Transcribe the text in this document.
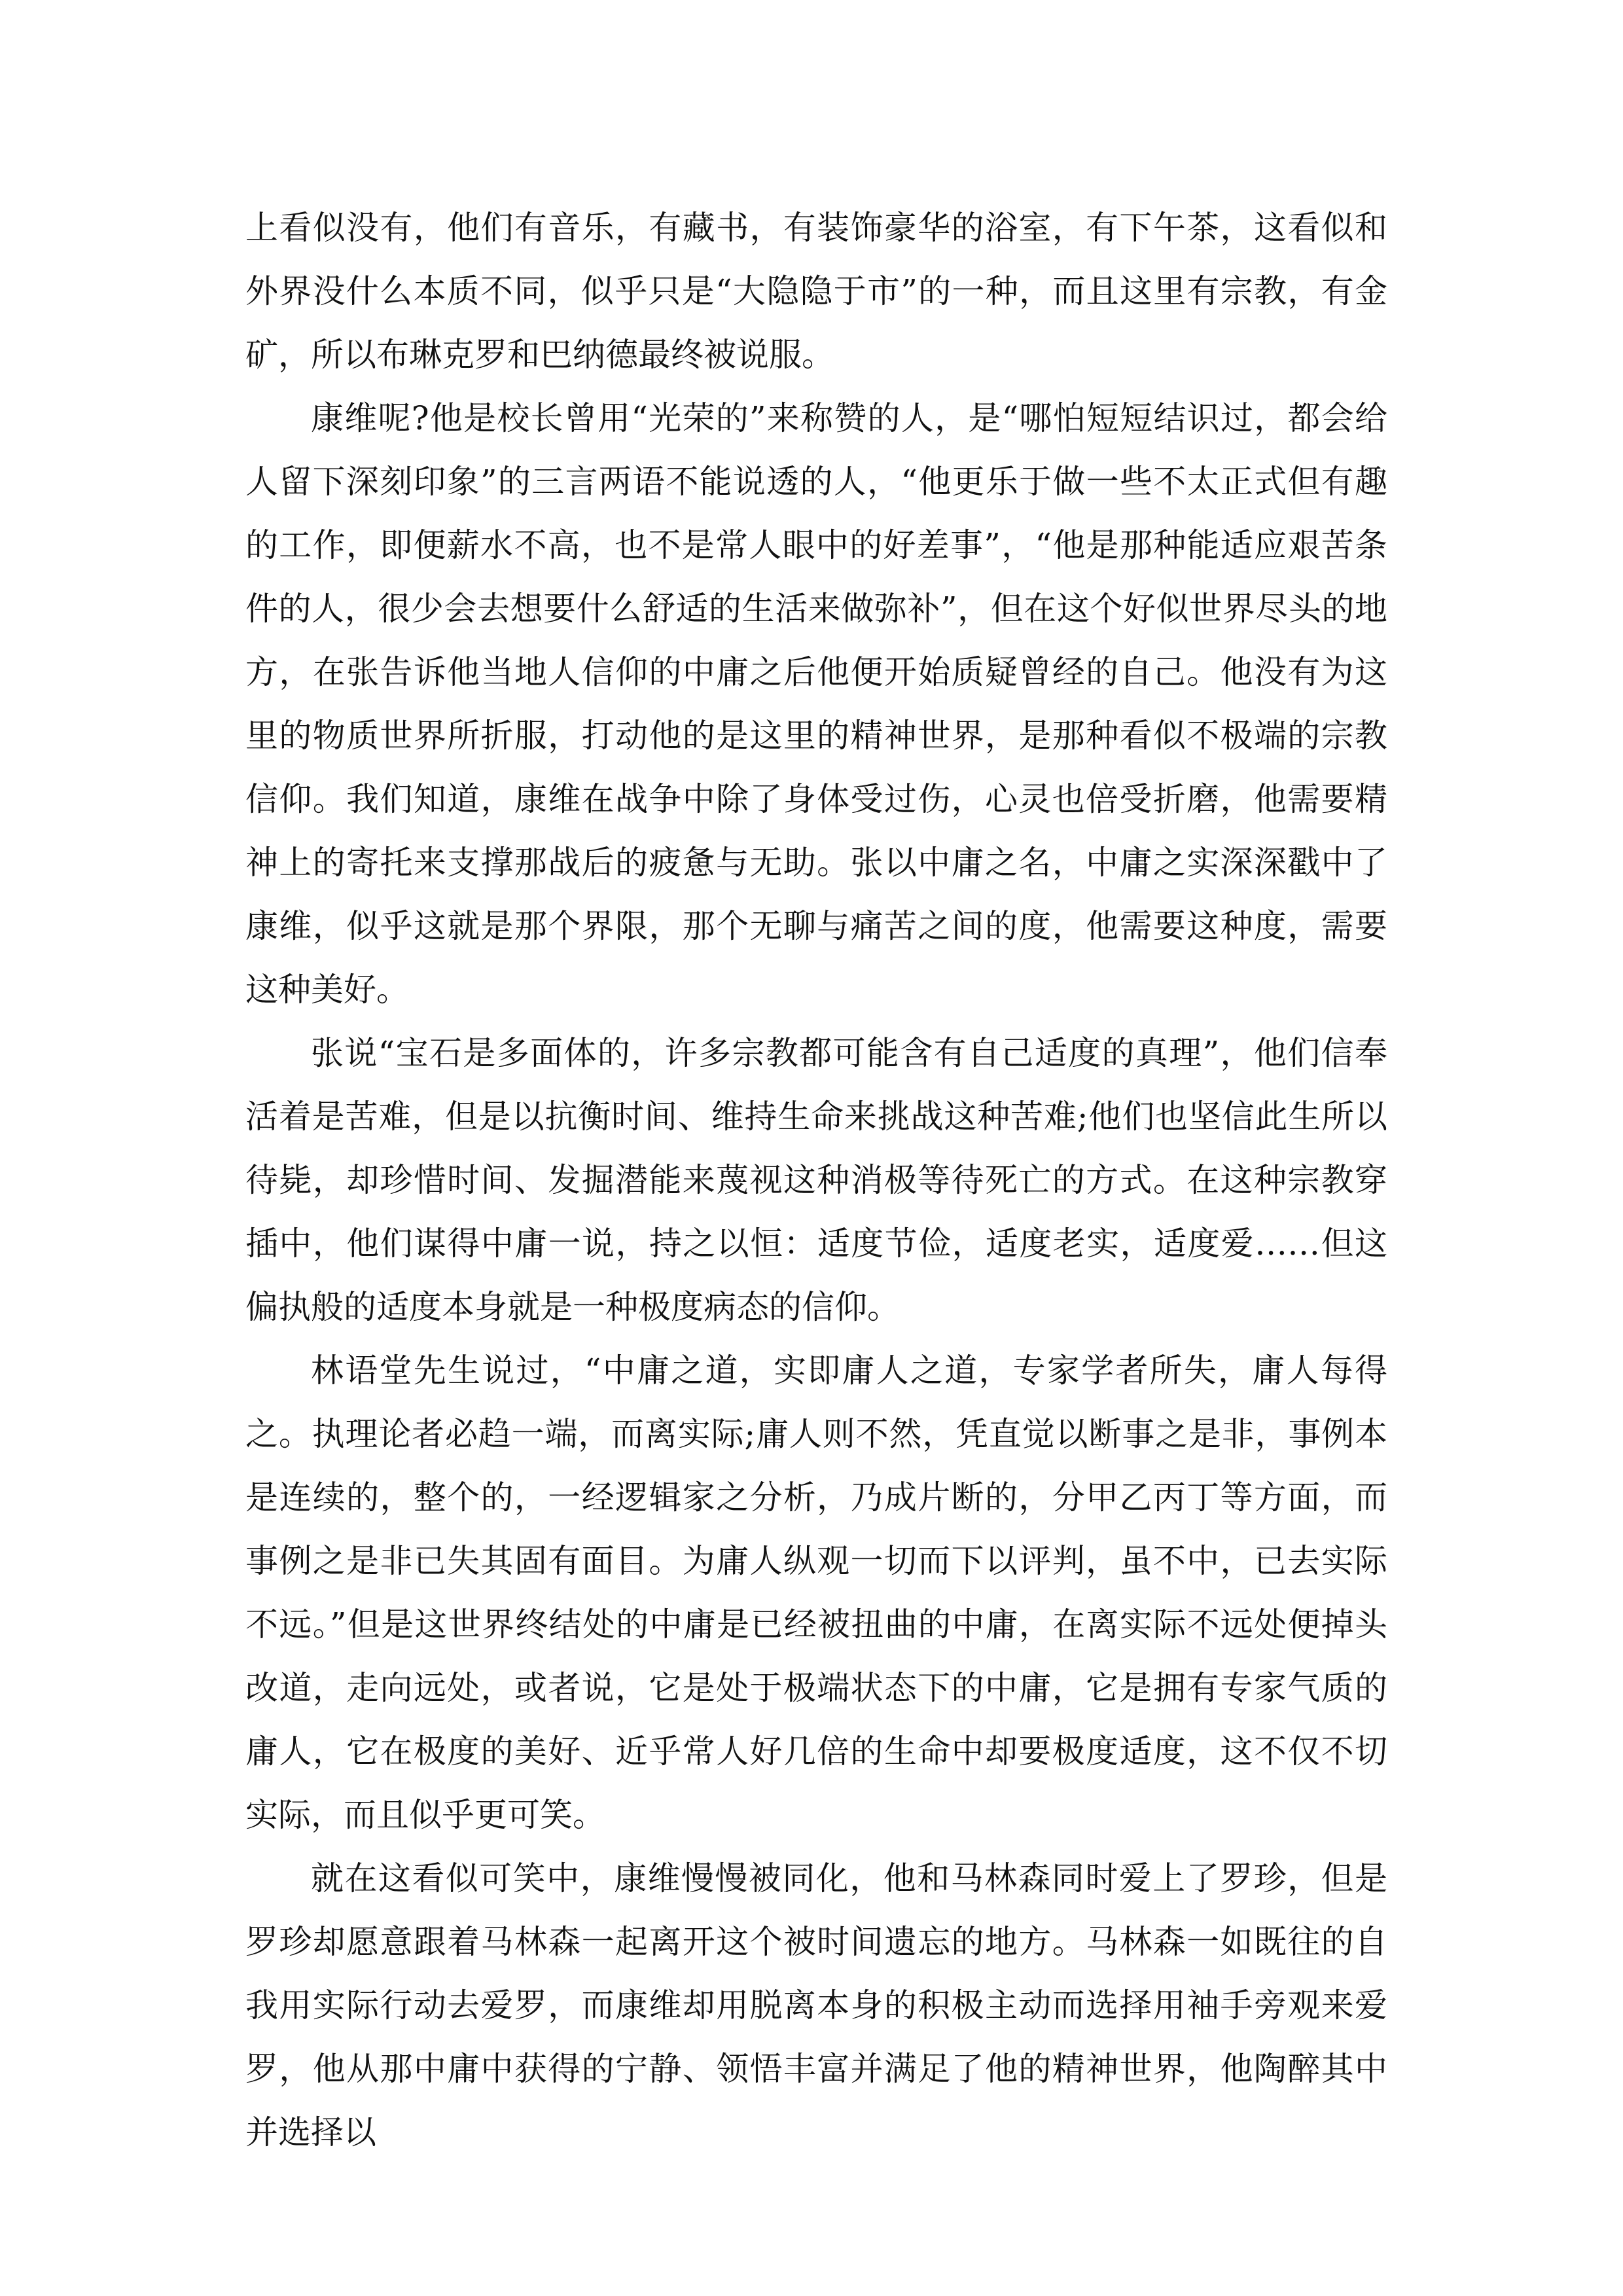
上看似没有，他们有音乐，有藏书，有装饰豪华的浴室，有下午茶，这看似和外界没什么本质不同，似乎只是“大隐隐于市”的一种，而且这里有宗教，有金矿，所以布琳克罗和巴纳德最终被说服。

康维呢?他是校长曾用“光荣的”来称赞的人，是“哪怕短短结识过，都会给人留下深刻印象”的三言两语不能说透的人，“他更乐于做一些不太正式但有趣的工作，即便薪水不高，也不是常人眼中的好差事”，“他是那种能适应艰苦条件的人，很少会去想要什么舒适的生活来做弥补”，但在这个好似世界尽头的地方，在张告诉他当地人信仰的中庸之后他便开始质疑曾经的自己。他没有为这里的物质世界所折服，打动他的是这里的精神世界，是那种看似不极端的宗教信仰。我们知道，康维在战争中除了身体受过伤，心灵也倍受折磨，他需要精神上的寄托来支撑那战后的疲惫与无助。张以中庸之名，中庸之实深深戳中了康维，似乎这就是那个界限，那个无聊与痛苦之间的度，他需要这种度，需要这种美好。

张说“宝石是多面体的，许多宗教都可能含有自己适度的真理”，他们信奉活着是苦难，但是以抗衡时间、维持生命来挑战这种苦难;他们也坚信此生所以待毙，却珍惜时间、发掘潜能来蔑视这种消极等待死亡的方式。在这种宗教穿插中，他们谋得中庸一说，持之以恒：适度节俭，适度老实，适度爱……但这偏执般的适度本身就是一种极度病态的信仰。

林语堂先生说过，“中庸之道，实即庸人之道，专家学者所失，庸人每得之。执理论者必趋一端，而离实际;庸人则不然，凭直觉以断事之是非，事例本是连续的，整个的，一经逻辑家之分析，乃成片断的，分甲乙丙丁等方面，而事例之是非已失其固有面目。为庸人纵观一切而下以评判，虽不中，已去实际不远。”但是这世界终结处的中庸是已经被扭曲的中庸，在离实际不远处便掉头改道，走向远处，或者说，它是处于极端状态下的中庸，它是拥有专家气质的庸人，它在极度的美好、近乎常人好几倍的生命中却要极度适度，这不仅不切实际，而且似乎更可笑。

就在这看似可笑中，康维慢慢被同化，他和马林森同时爱上了罗珍，但是罗珍却愿意跟着马林森一起离开这个被时间遗忘的地方。马林森一如既往的自我用实际行动去爱罗，而康维却用脱离本身的积极主动而选择用袖手旁观来爱罗，他从那中庸中获得的宁静、领悟丰富并满足了他的精神世界，他陶醉其中并选择以
